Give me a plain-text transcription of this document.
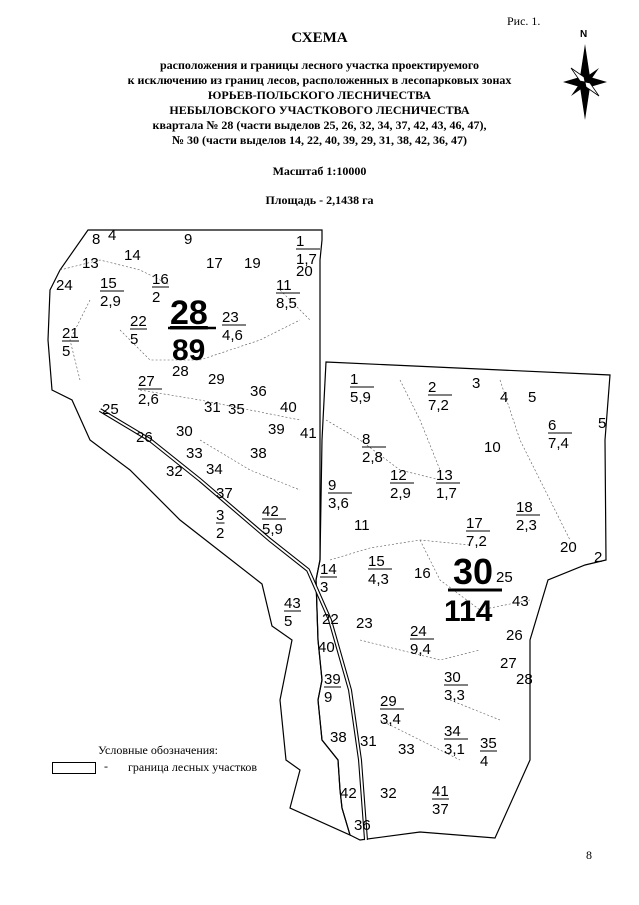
Рис. 1.
СХЕМА
расположения и границы лесного участка проектируемого
к исключению из границ лесов, расположенных в лесопарковых зонах
ЮРЬЕВ-ПОЛЬСКОГО ЛЕСНИЧЕСТВА
НЕБЫЛОВСКОГО УЧАСТКОВОГО ЛЕСНИЧЕСТВА
квартала № 28 (части выделов 25, 26, 32, 34, 37, 42, 43, 46, 47),
№ 30 (части выделов 14, 22, 40, 39, 29, 31, 38, 42, 36, 47)
Масштаб 1:10000
Площадь - 2,1438 га
N
28
89
30
114
8 4	9	1
1,7
13 14	17 19 20
24 15
2,9
16
2
11
8,5
21
5
22
5
23
4,6
28
27
2,6
29
36
31 35 40
25
26 30
33
39
38
41
32 34
37
3
2
42
5,9
43
5
1
5,9
2
7,2
3
4 5
6
7,4
8
2,8
10
12
2,9
13
1,7
9
3,6	18
2,3
11	17
7,2	20
2
15
4,3 16
14
3
25
43
22 23 24
9,4
26
40
27
28
39
9	29
3,4
30
3,3
38 31 33
34
3,1 35
4
42 32 41
37
36
5
Условные обозначения:
- граница лесных участков
8
